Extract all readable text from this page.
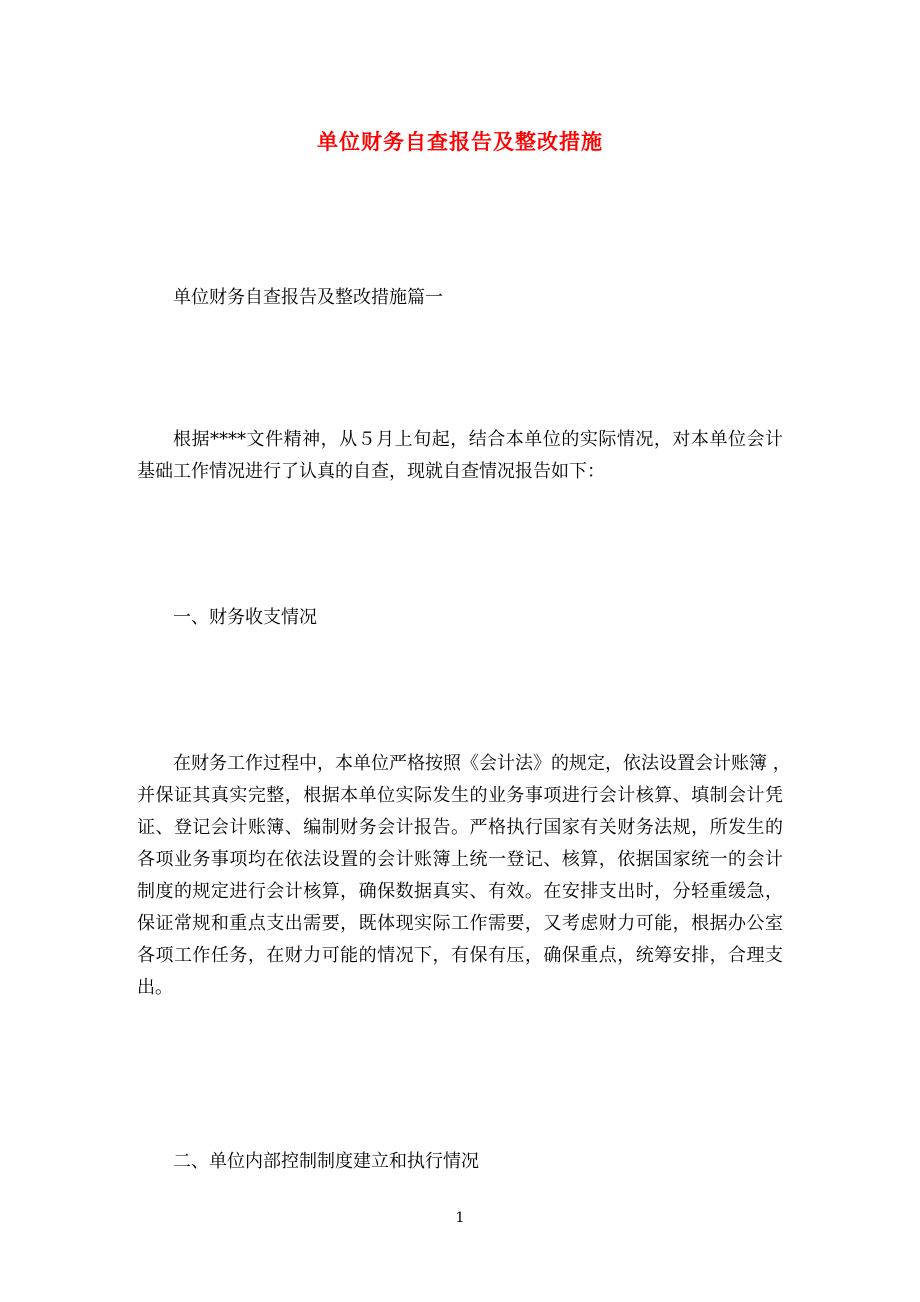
单位财务自查报告及整改措施
单位财务自查报告及整改措施篇一
根据****文件精神，从５月上旬起，结合本单位的实际情况，对本单位会计
基础工作情况进行了认真的自查，现就自查情况报告如下：
一、财务收支情况
在财务工作过程中，本单位严格按照《会计法》的规定，依法设置会计账簿 ，
并保证其真实完整，根据本单位实际发生的业务事项进行会计核算、填制会计凭
证、登记会计账簿、编制财务会计报告。严格执行国家有关财务法规，所发生的
各项业务事项均在依法设置的会计账簿上统一登记、核算，依据国家统一的会计
制度的规定进行会计核算，确保数据真实、有效。在安排支出时，分轻重缓急，
保证常规和重点支出需要，既体现实际工作需要，又考虑财力可能，根据办公室
各项工作任务，在财力可能的情况下，有保有压，确保重点，统筹安排，合理支
出。
二、单位内部控制制度建立和执行情况
1
